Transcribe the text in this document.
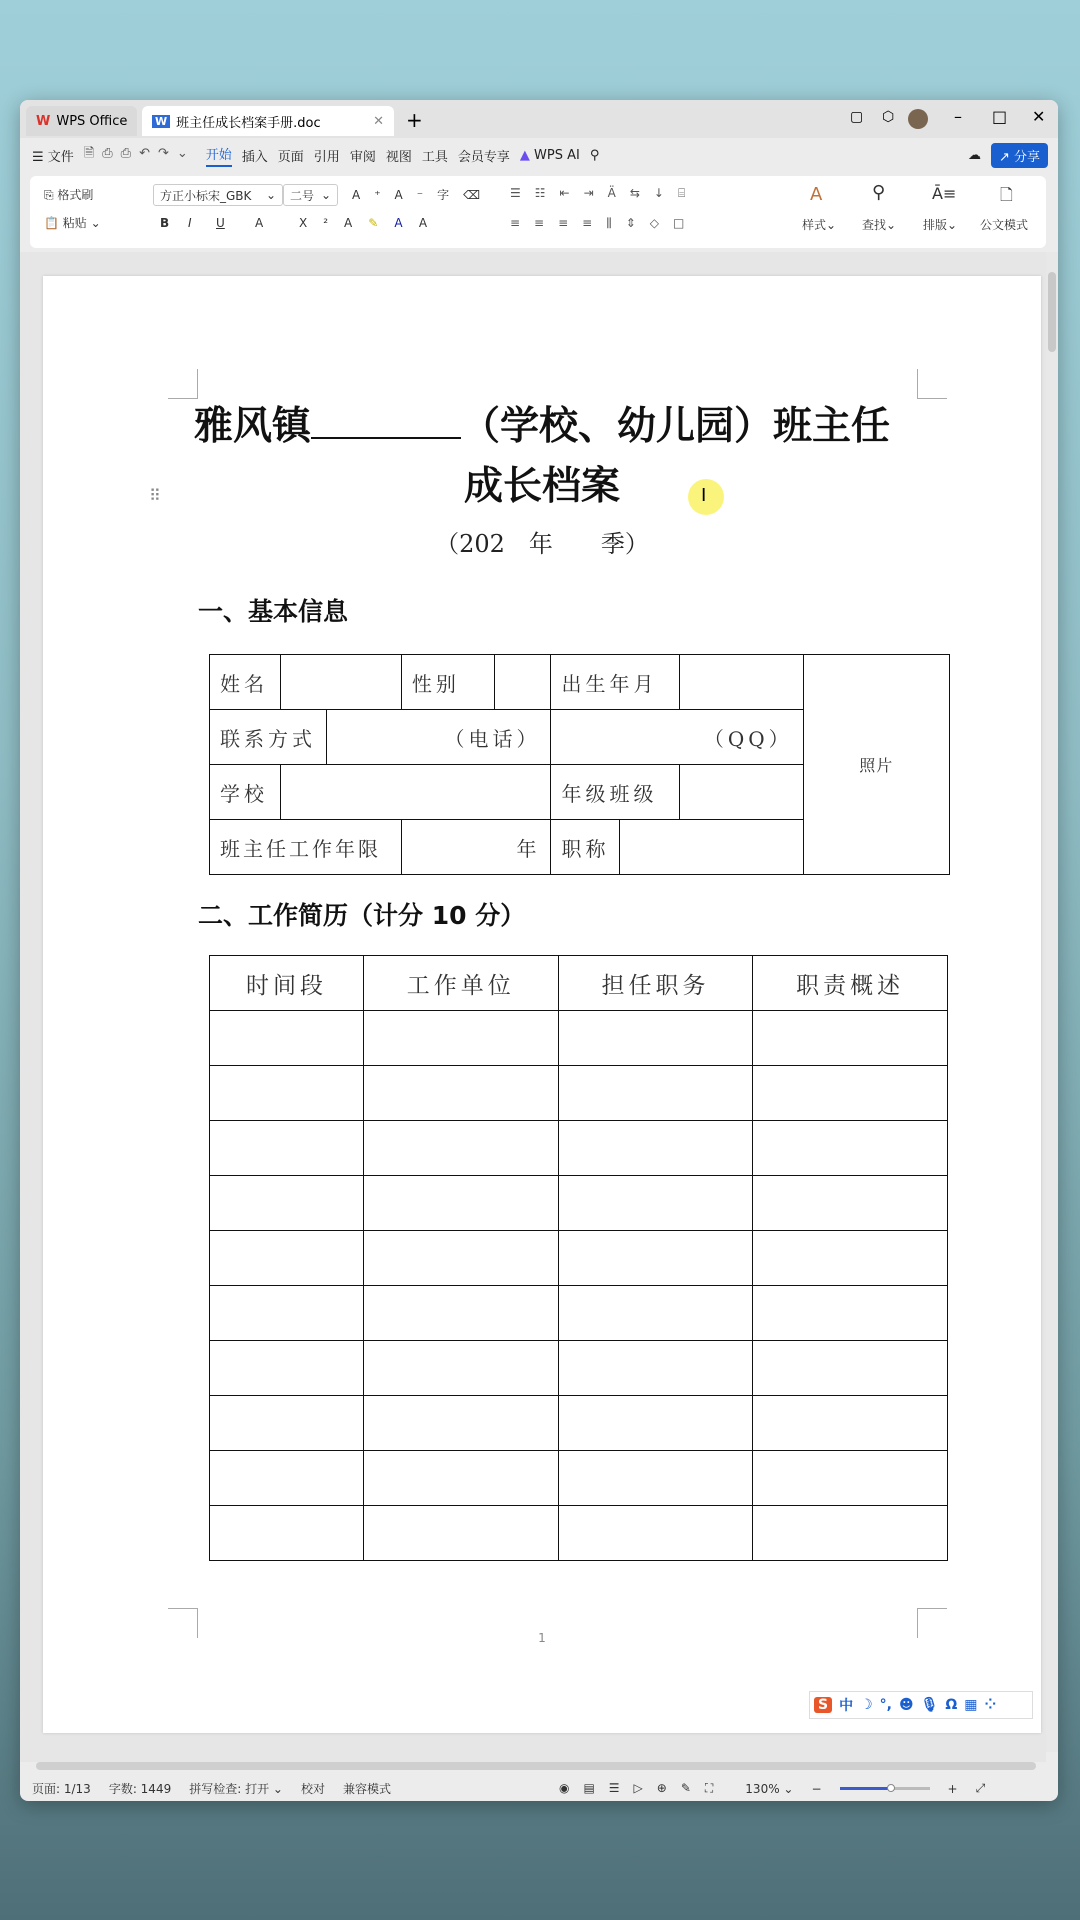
W WPS Office	W 班主任成长档案手册.doc	✕ +	▢ ⬡	– □ ✕
☰ 文件 🗎⎙⎙↶↷⌄ 开始 插入 页面 引用 审阅 视图 工具 会员专享 ▲ WPS AI ⚲	☁	↗ 分享
⎘ 格式刷
📋 粘贴 ⌄
方正小标宋_GBK ⌄ 二号 ⌄ A⁺A⁻字⌫
B I U	A X²A✎AA
☰☷⇤⇥Ä⇆↓⌸
≡≡≡≡⫼⇕◇□
A
样式⌄
⚲
查找⌄
Ā≡
排版⌄
🗋
公文模式
⠿
雅风镇	（学校、幼儿园）班主任
成长档案	I
（202　年　　季）
一、基本信息
姓名			性别		出生年月			照片
联系方式		（电话）			（QQ）			
学校					年级班级			
班主任工作年限			年		职称			
二、工作简历（计分 10 分）
时间段	工作单位	担任职务	职责概述

1
S 中 ☽ °, ☻ 🎙 Ω ▦ ⁘
页面: 1/13 字数: 1449 拼写检查: 打开 ⌄ 校对 兼容模式	◉▤☰▷⊕✎⛶ 130% ⌄ −	+ ⤢
